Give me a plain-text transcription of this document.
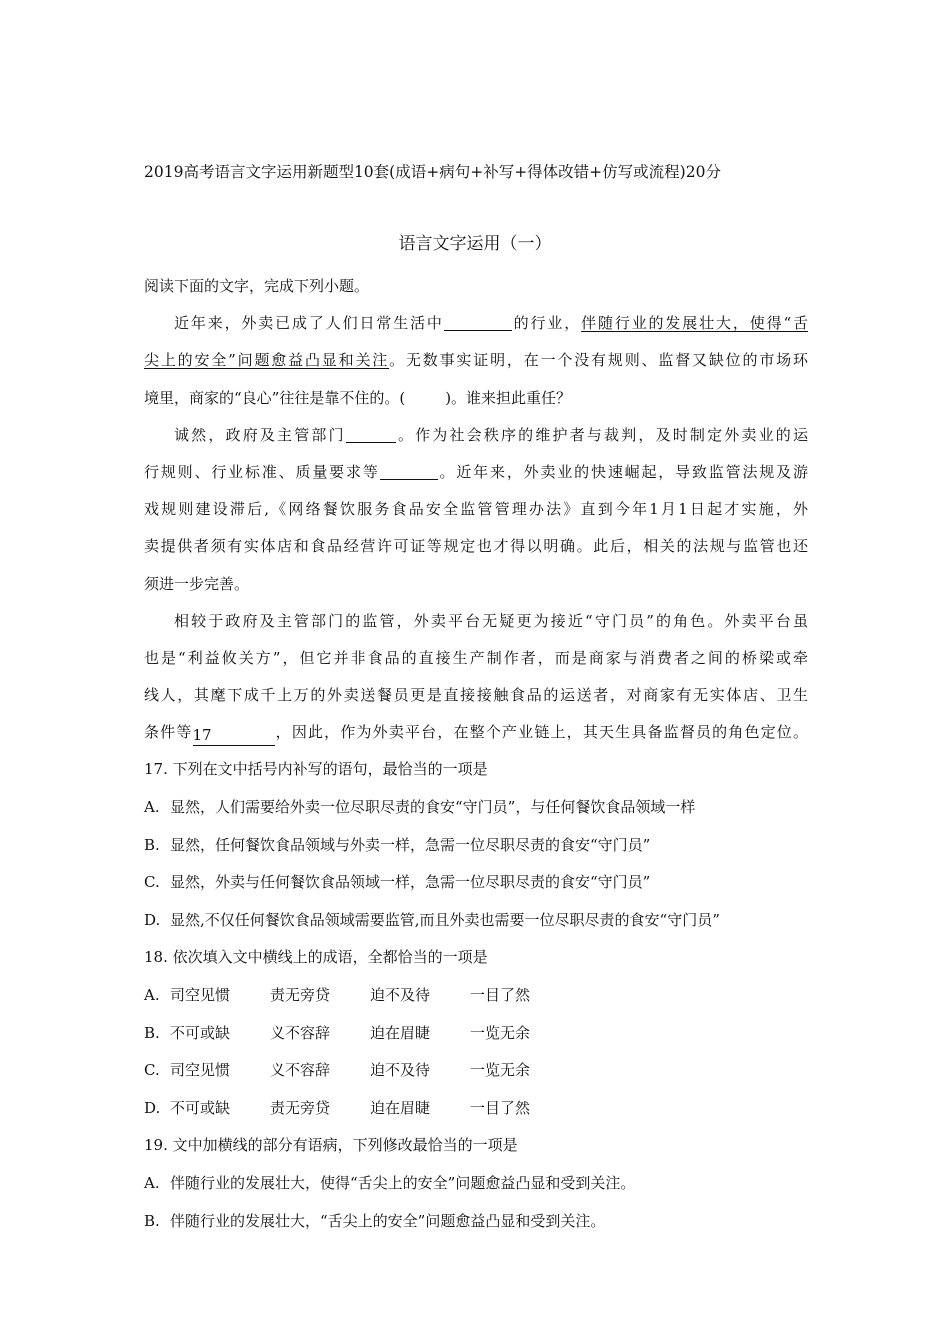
2019高考语言文字运用新题型10套(成语+病句+补写+得体改错+仿写或流程)20分
语言文字运用（一）
阅读下面的文字，完成下列小题。
近年来，外卖已成了人们日常生活中	的行业，伴随行业的发展壮大，使得“舌
尖上的安全”问题愈益凸显和关注。无数事实证明，在一个没有规则、监督又缺位的市场环
境里，商家的“良心”往往是靠不住的。(	)。谁来担此重任？
诚然，政府及主管部门	。作为社会秩序的维护者与裁判，及时制定外卖业的运
行规则、行业标准、质量要求等	。近年来，外卖业的快速崛起，导致监管法规及游
戏规则建设滞后,《网络餐饮服务食品安全监管管理办法》直到今年1月1日起才实施，外
卖提供者须有实体店和食品经营许可证等规定也才得以明确。此后，相关的法规与监管也还
须进一步完善。
相较于政府及主管部门的监管，外卖平台无疑更为接近“守门员”的角色。外卖平台虽
也是“利益攸关方”，但它并非食品的直接生产制作者，而是商家与消费者之间的桥梁或牵
线人，其麾下成千上万的外卖送餐员更是直接接触食品的运送者，对商家有无实体店、卫生
条件等17	，因此，作为外卖平台，在整个产业链上，其天生具备监督员的角色定位。
17. 下列在文中括号内补写的语句，最恰当的一项是
A. 显然，人们需要给外卖一位尽职尽责的食安“守门员”，与任何餐饮食品领域一样
B. 显然，任何餐饮食品领域与外卖一样，急需一位尽职尽责的食安“守门员”
C. 显然，外卖与任何餐饮食品领域一样，急需一位尽职尽责的食安“守门员”
D. 显然,不仅任何餐饮食品领域需要监管,而且外卖也需要一位尽职尽责的食安“守门员”
18. 依次填入文中横线上的成语，全都恰当的一项是
A. 司空见惯	责无旁贷	迫不及待	一目了然
B. 不可或缺	义不容辞	迫在眉睫	一览无余
C. 司空见惯	义不容辞	迫不及待	一览无余
D. 不可或缺	责无旁贷	迫在眉睫	一目了然
19. 文中加横线的部分有语病，下列修改最恰当的一项是
A. 伴随行业的发展壮大，使得“舌尖上的安全”问题愈益凸显和受到关注。
B. 伴随行业的发展壮大，“舌尖上的安全”问题愈益凸显和受到关注。
